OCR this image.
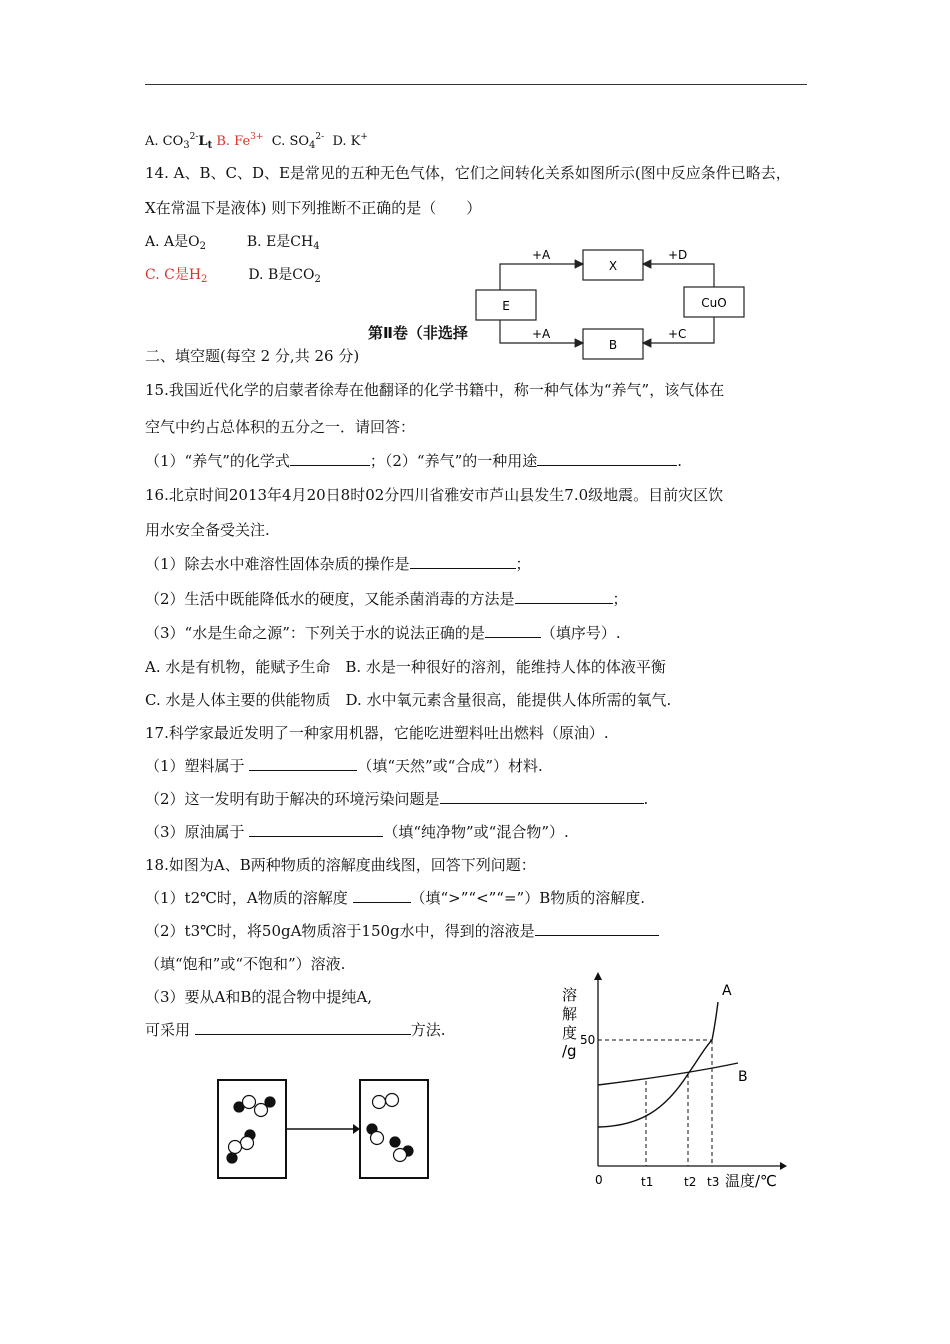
A. $CO_3^{2-}L_t$ B. $Fe^{3+}$ C. $SO_4^{2-}$ D. K+
14. A、B、C、D、E是常见的五种无色气体，它们之间转化关系如图所示(图中反应条件已略去，
X在常温下是液体) 则下列推断不正确的是（　　）
A. A是$O_2$	B. E是$CH_4$
C. C是$H_2$	D. B是$CO_2$
X
E	CuO
B
+A	+D
+A	+C
第Ⅱ卷（非选择
二、填空题(每空 2 分,共 26 分)
15.我国近代化学的启蒙者徐寿在他翻译的化学书籍中，称一种气体为“养气”，该气体在
空气中约占总体积的五分之一．请回答：
（1）“养气”的化学式	；（2）“养气”的一种用途	.
16.北京时间2013年4月20日8时02分四川省雅安市芦山县发生7.0级地震。目前灾区饮
用水安全备受关注.
（1）除去水中难溶性固体杂质的操作是	；
（2）生活中既能降低水的硬度，又能杀菌消毒的方法是	；
（3）“水是生命之源”：下列关于水的说法正确的是	（填序号）.
A. 水是有机物，能赋予生命　B. 水是一种很好的溶剂，能维持人体的体液平衡
C. 水是人体主要的供能物质　D. 水中氧元素含量很高，能提供人体所需的氧气.
17.科学家最近发明了一种家用机器，它能吃进塑料吐出燃料（原油）.
（1）塑料属于	（填“天然”或“合成”）材料.
（2）这一发明有助于解决的环境污染问题是	.
（3）原油属于	（填“纯净物”或“混合物”）.
18.如图为A、B两种物质的溶解度曲线图，回答下列问题：
（1）t2℃时，A物质的溶解度	（填“>”“<”“=”）B物质的溶解度.
（2）t3℃时，将50gA物质溶于150g水中，得到的溶液是
（填“饱和”或“不饱和”）溶液.
（3）要从A和B的混合物中提纯A,
可采用	方法.
溶
解
度
/g
50
A
B
0	t1	t2 t3 温度/℃
